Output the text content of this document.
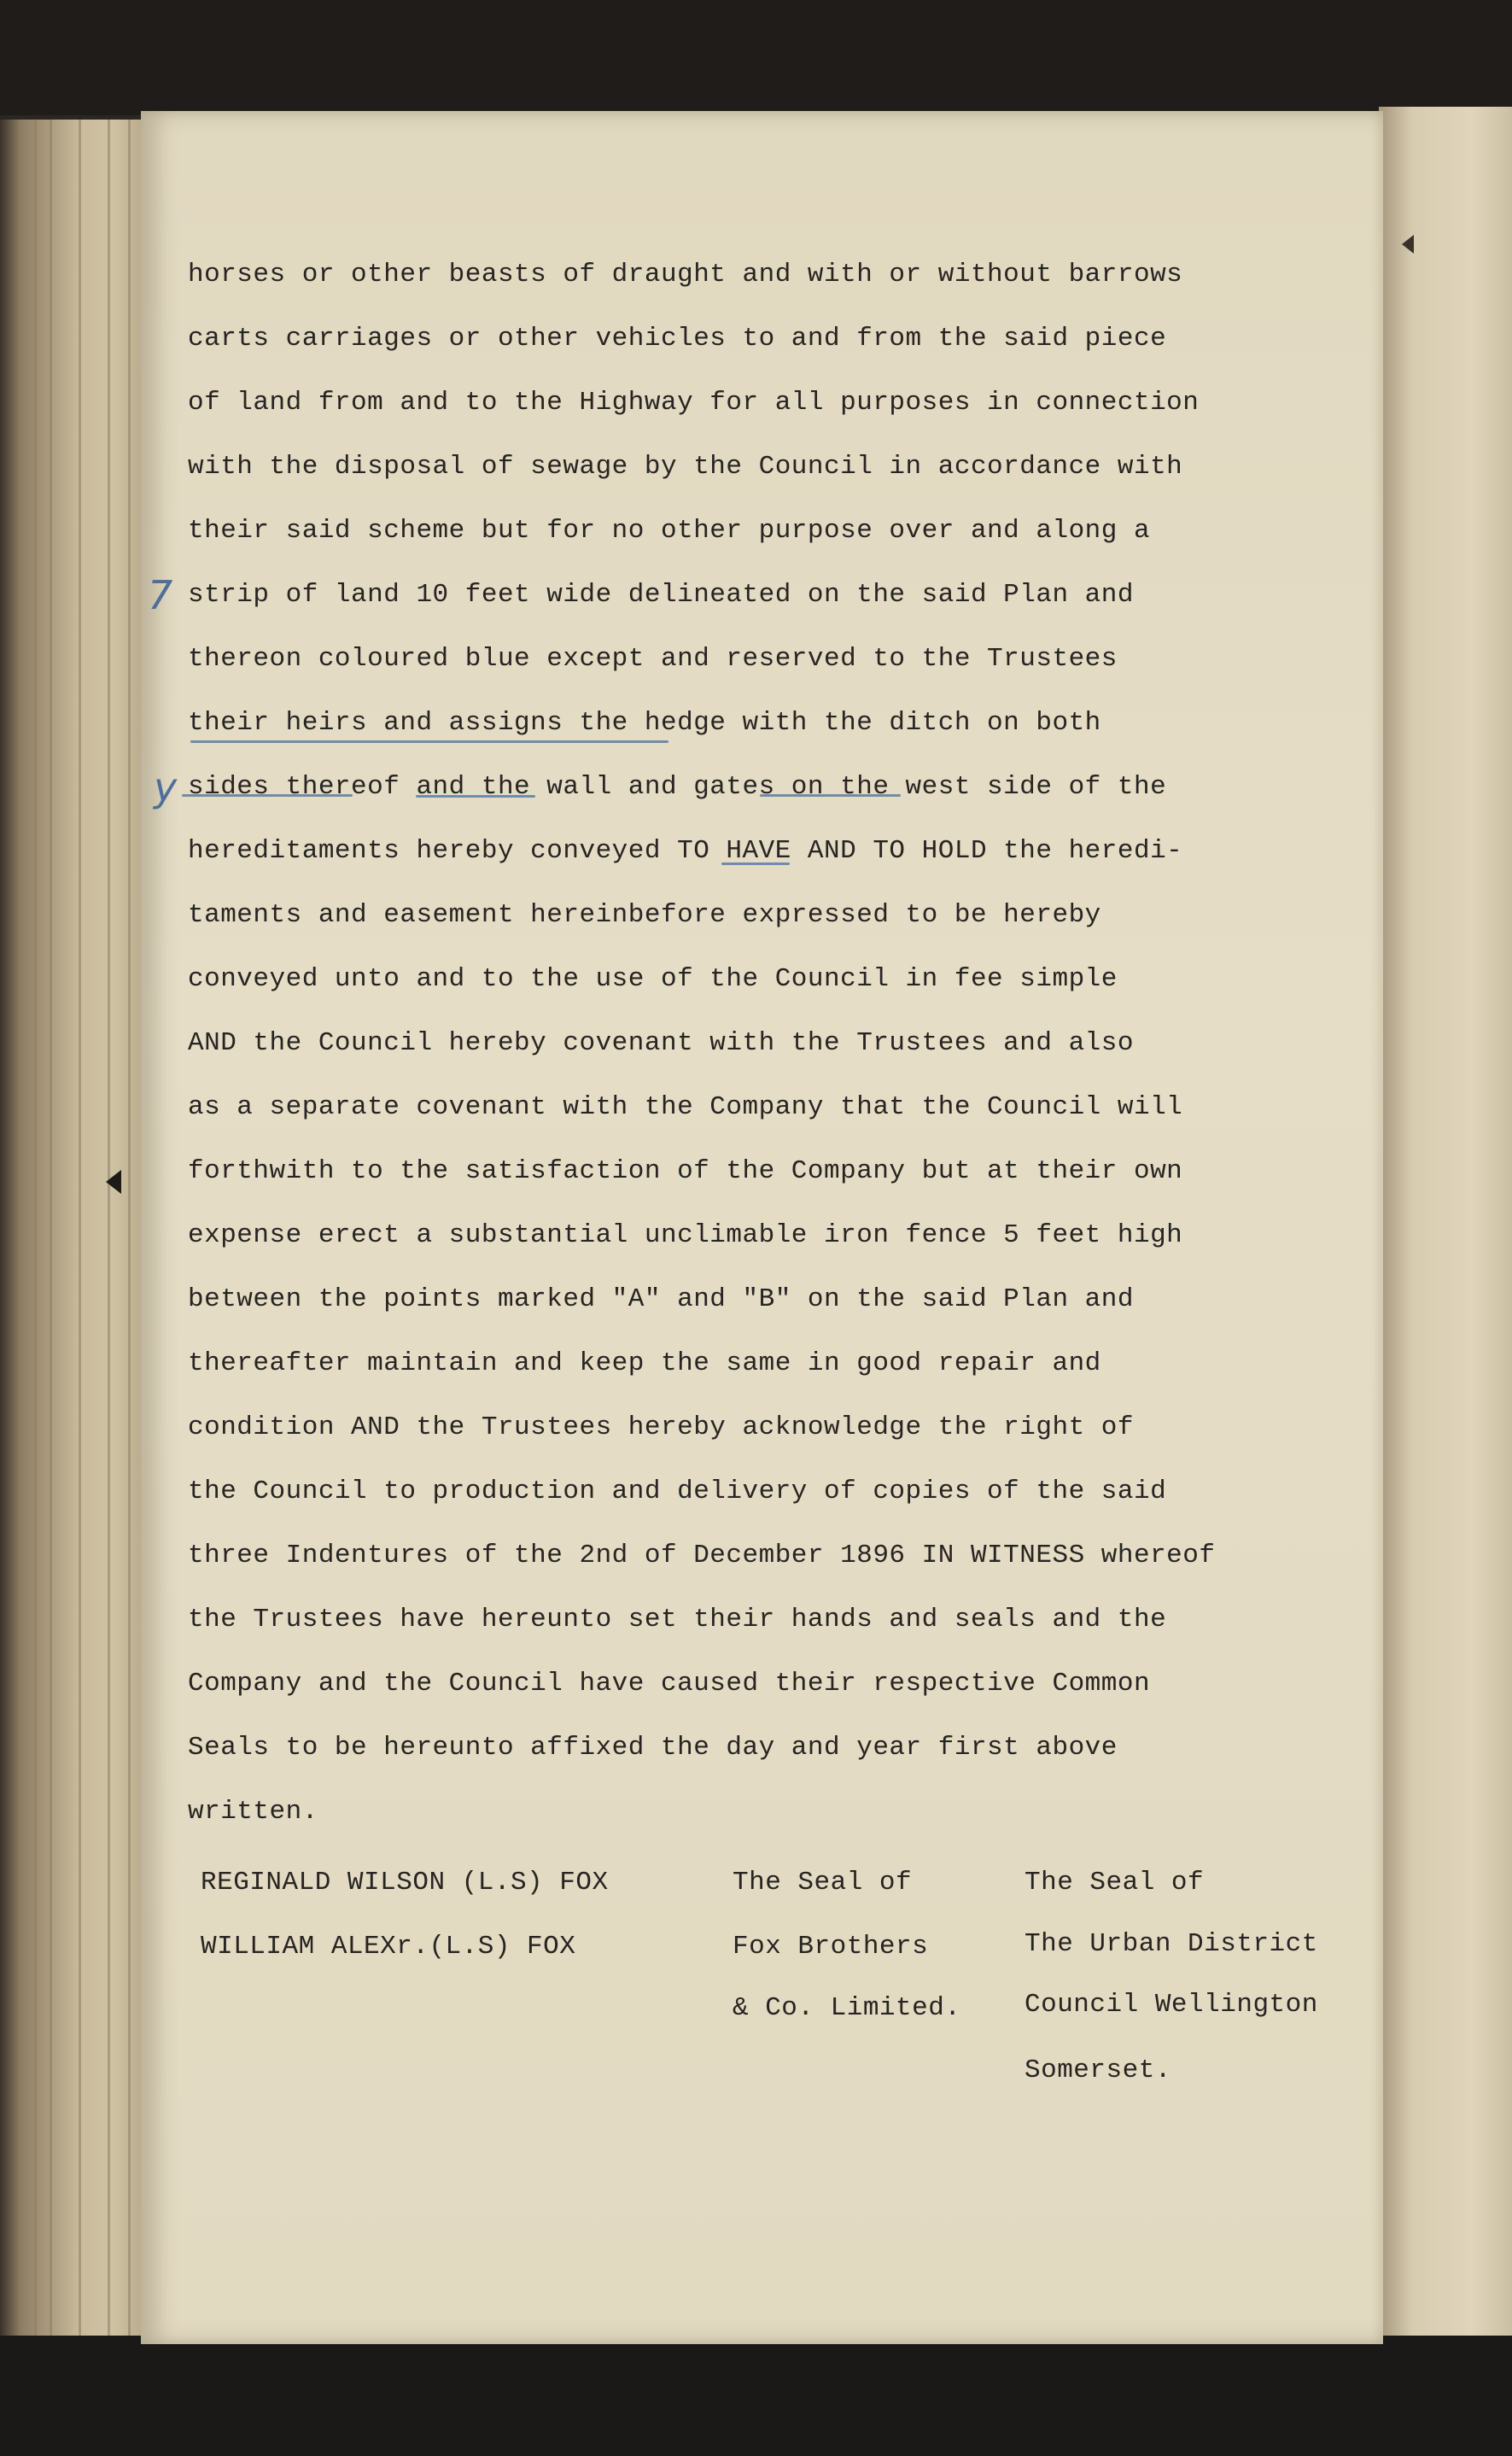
7
y

horses or other beasts of draught and with or without barrows

carts carriages or other vehicles to and from the said piece

of land from and to the Highway for all purposes in connection

with the disposal of sewage by the Council in accordance with

their said scheme but for no other purpose over and along a

strip of land 10 feet wide delineated on the said Plan and

thereon coloured blue except and reserved to the Trustees

their heirs and assigns the hedge with the ditch on both

sides thereof and the wall and gates on the west side of the

hereditaments hereby conveyed TO HAVE AND TO HOLD the heredi-

taments and easement hereinbefore expressed to be hereby

conveyed unto and to the use of the Council in fee simple

AND the Council hereby covenant with the Trustees and also

as a separate covenant with the Company that the Council will

forthwith to the satisfaction of the Company but at their own

expense erect a substantial unclimable iron fence 5 feet high

between the points marked "A" and "B" on the said Plan and

thereafter maintain and keep the same in good repair and

condition AND the Trustees hereby acknowledge the right of

the Council to production and delivery of copies of the said

three Indentures of the 2nd of December 1896 IN WITNESS whereof

the Trustees have hereunto set their hands and seals and the

Company and the Council have caused their respective Common

Seals to be hereunto affixed the day and year first above

written.

REGINALD WILSON (L.S) FOX

WILLIAM ALEXr.(L.S) FOX

The Seal of

Fox Brothers

& Co. Limited.

The Seal of

The Urban District

Council Wellington

Somerset.
